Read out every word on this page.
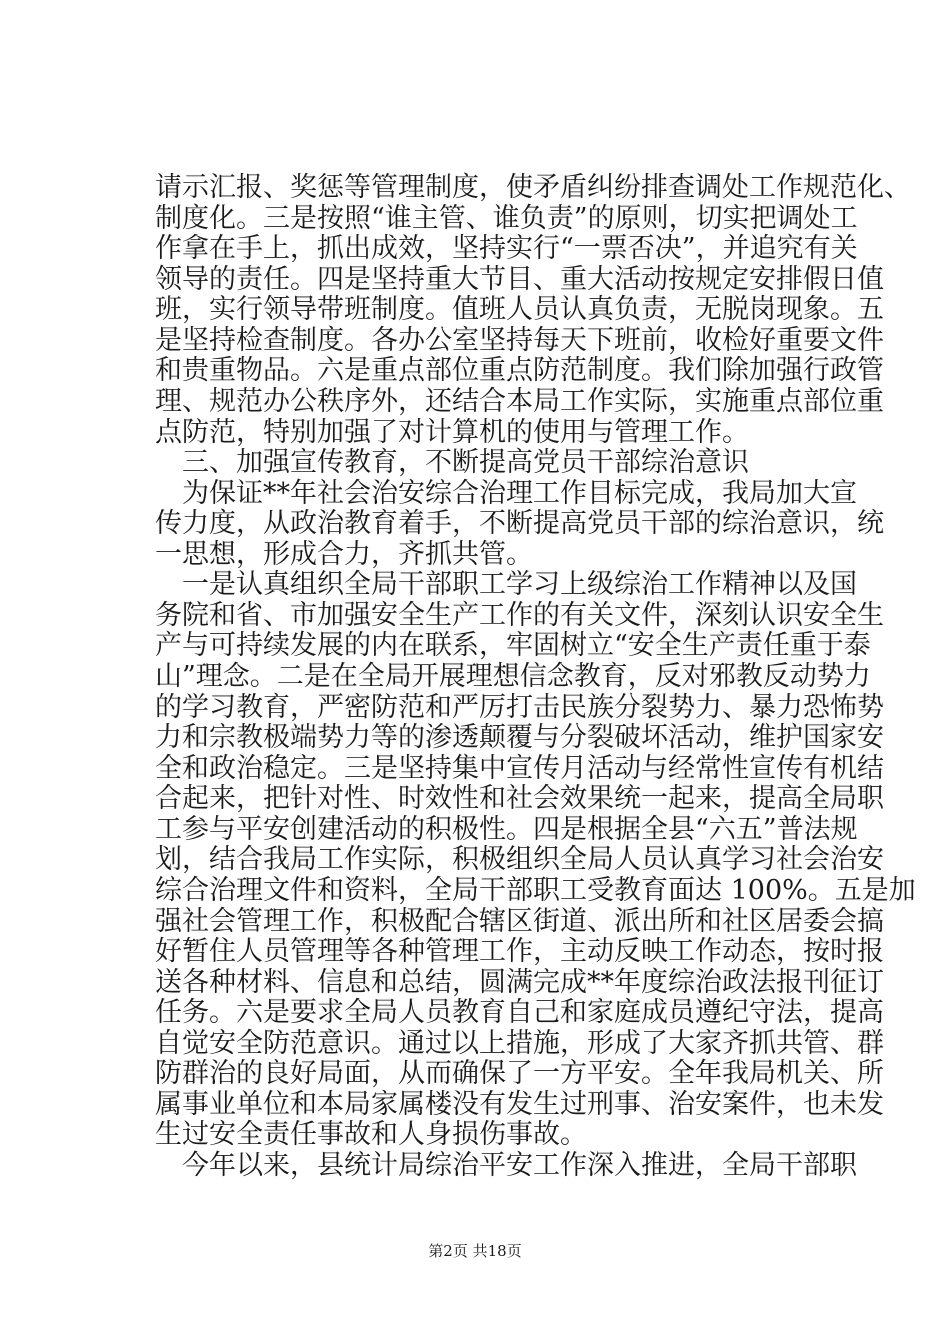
请示汇报、奖惩等管理制度，使矛盾纠纷排查调处工作规范化、
制度化。三是按照“谁主管、谁负责”的原则，切实把调处工
作拿在手上，抓出成效，坚持实行“一票否决”，并追究有关
领导的责任。四是坚持重大节目、重大活动按规定安排假日值
班，实行领导带班制度。值班人员认真负责，无脱岗现象。五
是坚持检查制度。各办公室坚持每天下班前，收检好重要文件
和贵重物品。六是重点部位重点防范制度。我们除加强行政管
理、规范办公秩序外，还结合本局工作实际，实施重点部位重
点防范，特别加强了对计算机的使用与管理工作。
三、加强宣传教育，不断提高党员干部综治意识
为保证**年社会治安综合治理工作目标完成，我局加大宣
传力度，从政治教育着手，不断提高党员干部的综治意识，统
一思想，形成合力，齐抓共管。
一是认真组织全局干部职工学习上级综治工作精神以及国
务院和省、市加强安全生产工作的有关文件，深刻认识安全生
产与可持续发展的内在联系，牢固树立“安全生产责任重于泰
山”理念。二是在全局开展理想信念教育，反对邪教反动势力
的学习教育，严密防范和严厉打击民族分裂势力、暴力恐怖势
力和宗教极端势力等的渗透颠覆与分裂破坏活动，维护国家安
全和政治稳定。三是坚持集中宣传月活动与经常性宣传有机结
合起来，把针对性、时效性和社会效果统一起来，提高全局职
工参与平安创建活动的积极性。四是根据全县“六五”普法规
划，结合我局工作实际，积极组织全局人员认真学习社会治安
综合治理文件和资料，全局干部职工受教育面达 100%。五是加
强社会管理工作，积极配合辖区街道、派出所和社区居委会搞
好暂住人员管理等各种管理工作，主动反映工作动态，按时报
送各种材料、信息和总结，圆满完成**年度综治政法报刊征订
任务。六是要求全局人员教育自己和家庭成员遵纪守法，提高
自觉安全防范意识。通过以上措施，形成了大家齐抓共管、群
防群治的良好局面，从而确保了一方平安。全年我局机关、所
属事业单位和本局家属楼没有发生过刑事、治安案件，也未发
生过安全责任事故和人身损伤事故。
今年以来，县统计局综治平安工作深入推进，全局干部职
第2页 共18页
